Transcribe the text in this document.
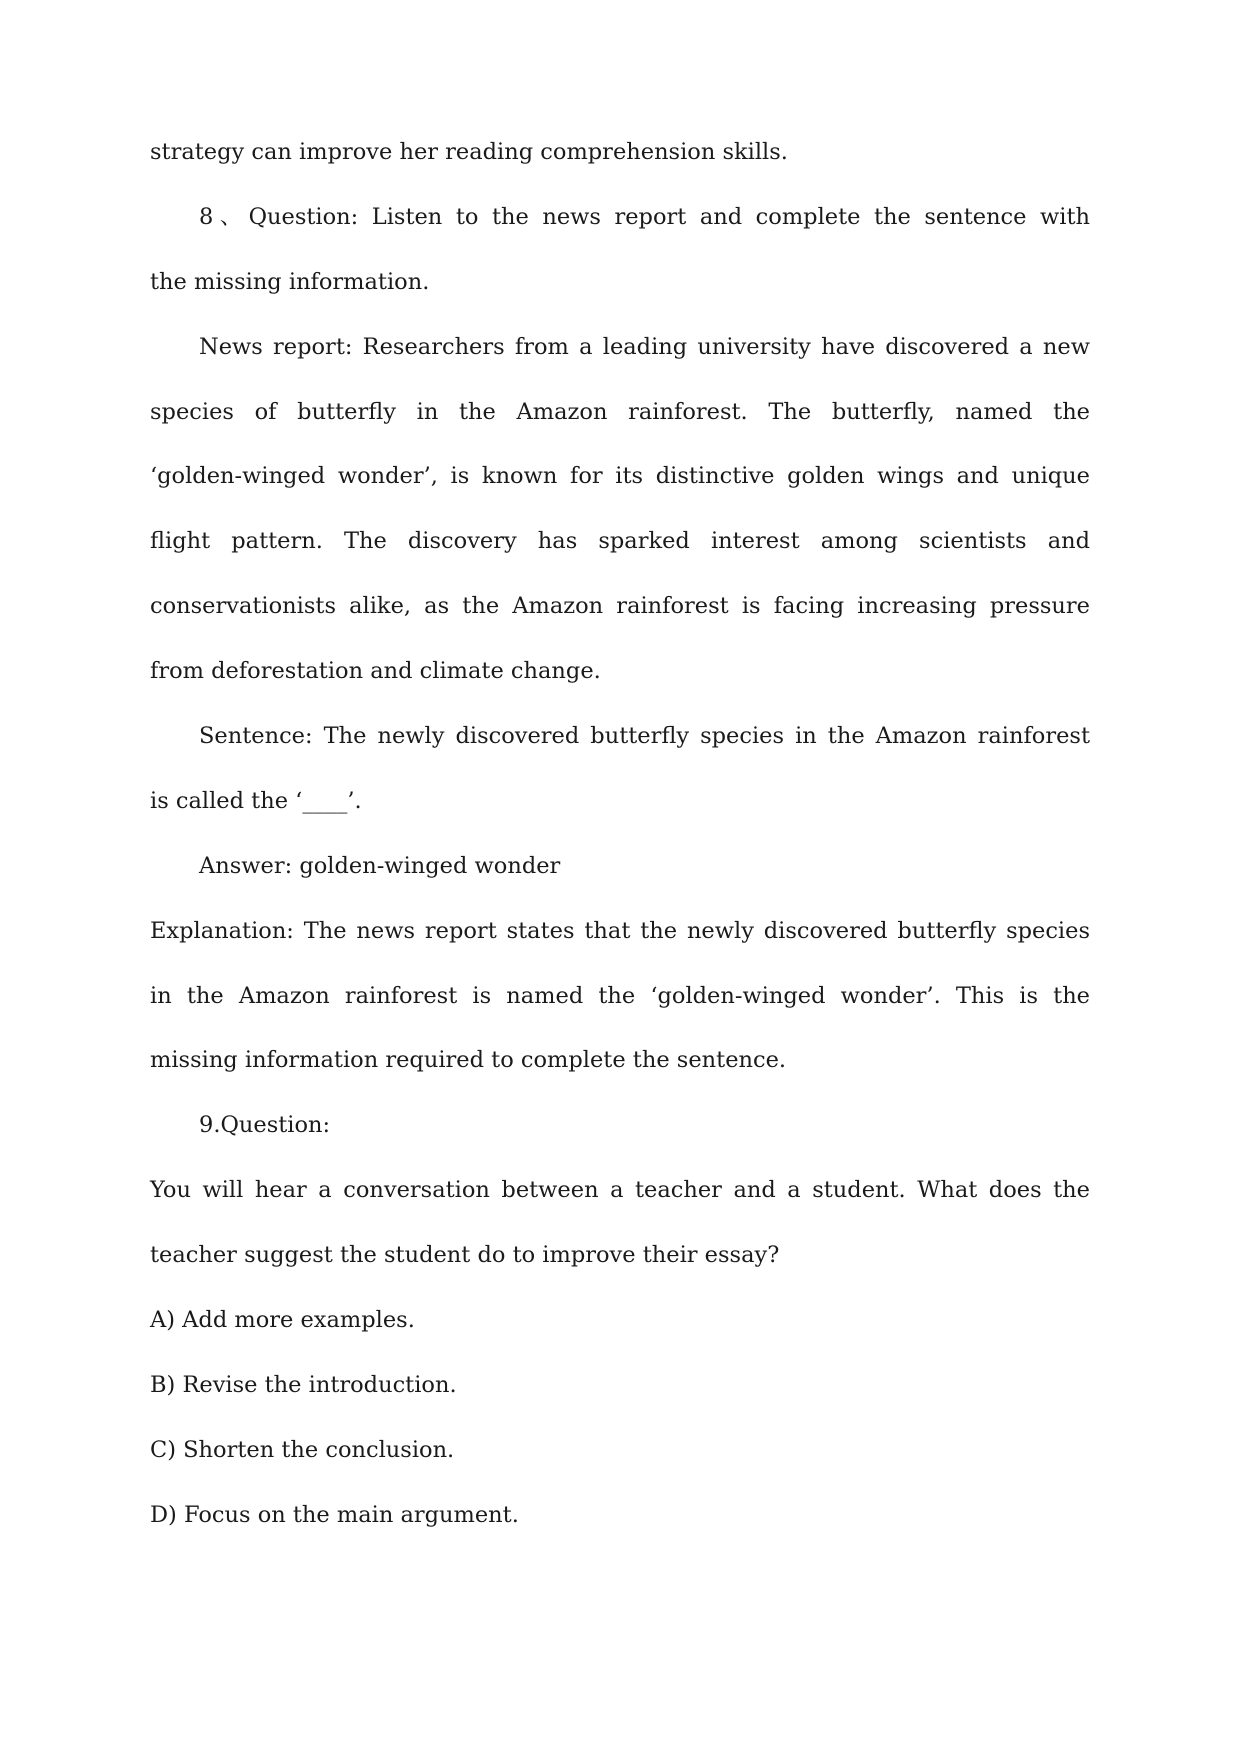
strategy can improve her reading comprehension skills.
8、Question: Listen to the news report and complete the sentence with
the missing information.
News report: Researchers from a leading university have discovered a new
species of butterfly in the Amazon rainforest. The butterfly, named the
‘golden-winged wonder’, is known for its distinctive golden wings and unique
flight pattern. The discovery has sparked interest among scientists and
conservationists alike, as the Amazon rainforest is facing increasing pressure
from deforestation and climate change.
Sentence: The newly discovered butterfly species in the Amazon rainforest
is called the ‘____’.
Answer: golden-winged wonder
Explanation: The news report states that the newly discovered butterfly species
in the Amazon rainforest is named the ‘golden-winged wonder’. This is the
missing information required to complete the sentence.
9.Question:
You will hear a conversation between a teacher and a student. What does the
teacher suggest the student do to improve their essay?
A) Add more examples.
B) Revise the introduction.
C) Shorten the conclusion.
D) Focus on the main argument.
